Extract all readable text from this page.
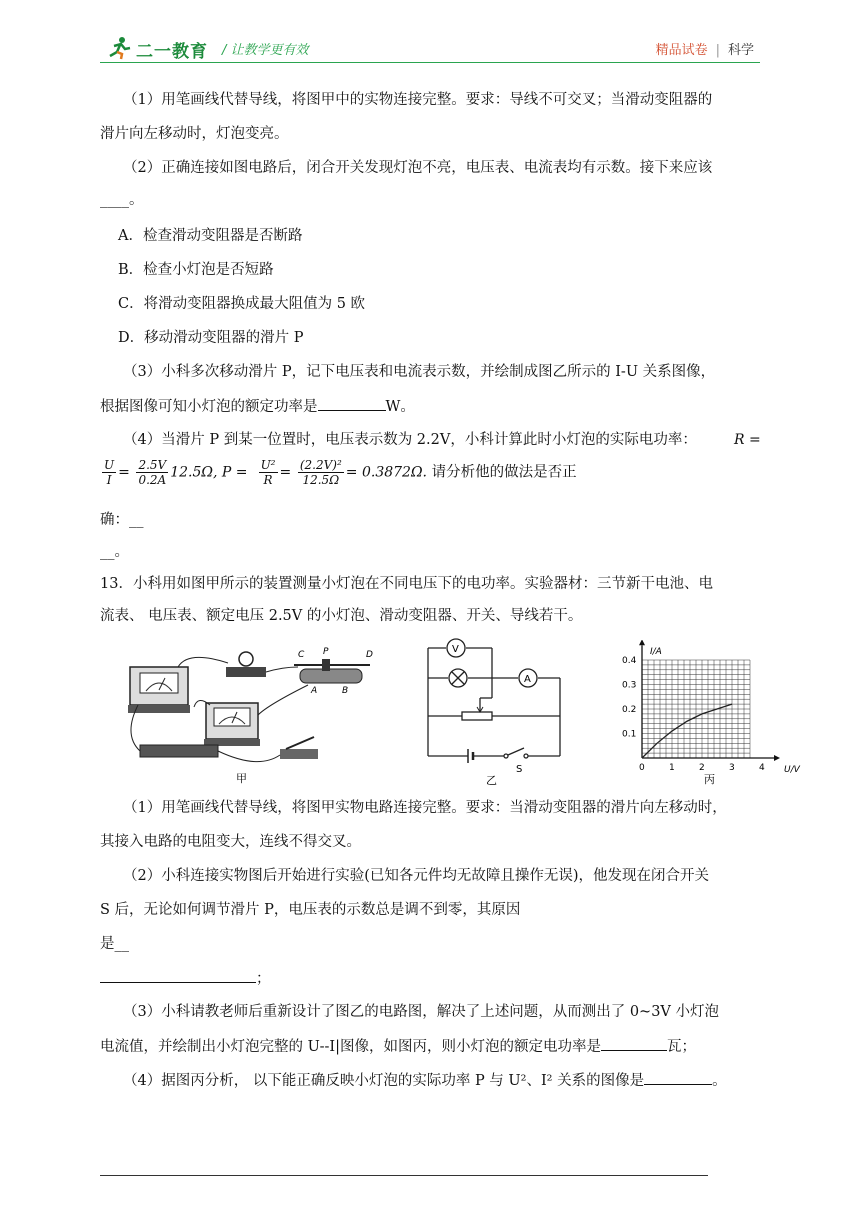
二一教育 / 让教学更有效	精品试卷 | 科学
（1）用笔画线代替导线，将图甲中的实物连接完整。要求：导线不可交叉；当滑动变阻器的
滑片向左移动时，灯泡变亮。
（2）正确连接如图电路后，闭合开关发现灯泡不亮，电压表、电流表均有示数。接下来应该
____。
A．检查滑动变阻器是否断路
B．检查小灯泡是否短路
C．将滑动变阻器换成最大阻值为 5 欧
D．移动滑动变阻器的滑片 P
（3）小科多次移动滑片 P，记下电压表和电流表示数，并绘制成图乙所示的 I-U 关系图像，
根据图像可知小灯泡的额定功率是	W。
（4）当滑片 P 到某一位置时，电压表示数为 2.2V，小科计算此时小灯泡的实际电功率：	R =
$\frac{U}{I} = \frac{2.5V}{0.2A} 12.5\Omega$, $P = \frac{\text{U²}}{R} = \frac{\text{(2.2V)²}}{12.5\Omega} = 0.3872\Omega$. 请分析他的做法是否正
确：__
__。
13．小科用如图甲所示的装置测量小灯泡在不同电压下的电功率。实验器材：三节新干电池、电
流表、 电压表、额定电压 2.5V 的小灯泡、滑动变阻器、开关、导线若干。
C P	D
A	B
甲
V
A
S
乙
0.4
0.3
0.2
0.1
0	1	2	3	4
I/A
U/V
丙
（1）用笔画线代替导线，将图甲实物电路连接完整。要求：当滑动变阻器的滑片向左移动时，
其接入电路的电阻变大，连线不得交叉。
（2）小科连接实物图后开始进行实验(已知各元件均无故障且操作无误)，他发现在闭合开关
S 后，无论如何调节滑片 P，电压表的示数总是调不到零，其原因
是__
；
（3）小科请教老师后重新设计了图乙的电路图，解决了上述问题，从而测出了 0~3V 小灯泡
电流值，并绘制出小灯泡完整的 U--I|图像，如图丙，则小灯泡的额定电功率是	瓦；
（4）据图丙分析， 以下能正确反映小灯泡的实际功率 P 与 U²、I² 关系的图像是	。
